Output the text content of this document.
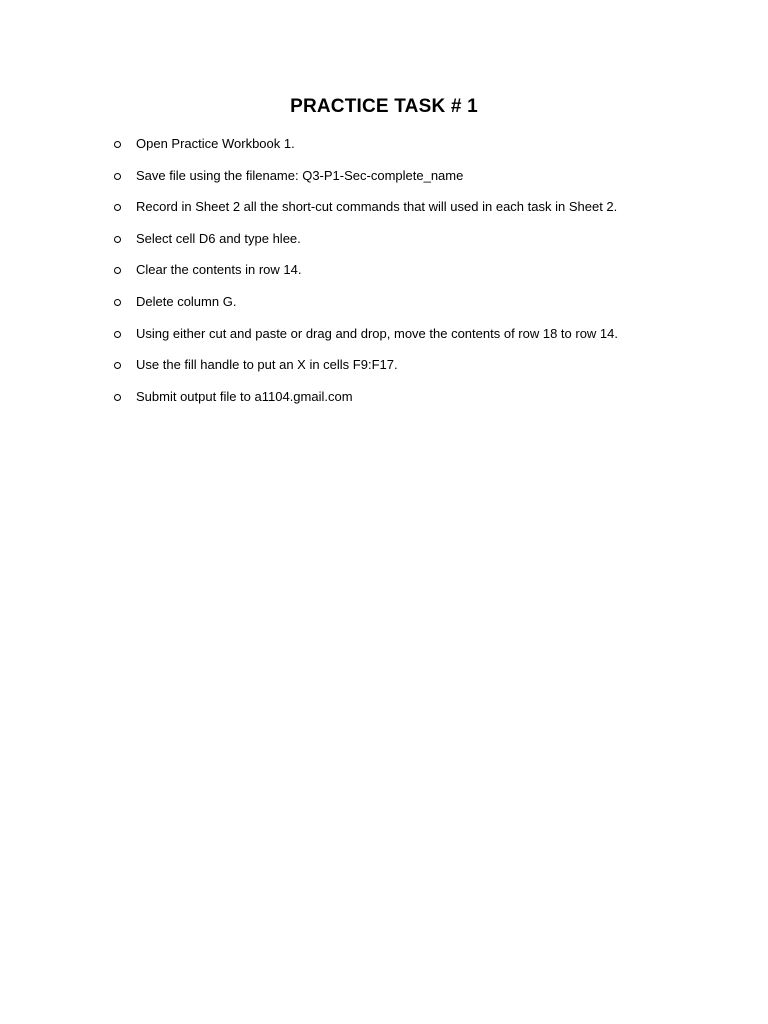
PRACTICE TASK # 1
Open Practice Workbook 1.
Save file using the filename: Q3-P1-Sec-complete_name
Record in Sheet 2 all the short-cut commands that will used in each task in Sheet 2.
Select cell D6 and type hlee.
Clear the contents in row 14.
Delete column G.
Using either cut and paste or drag and drop, move the contents of row 18 to row 14.
Use the fill handle to put an X in cells F9:F17.
Submit output file to a1104.gmail.com
